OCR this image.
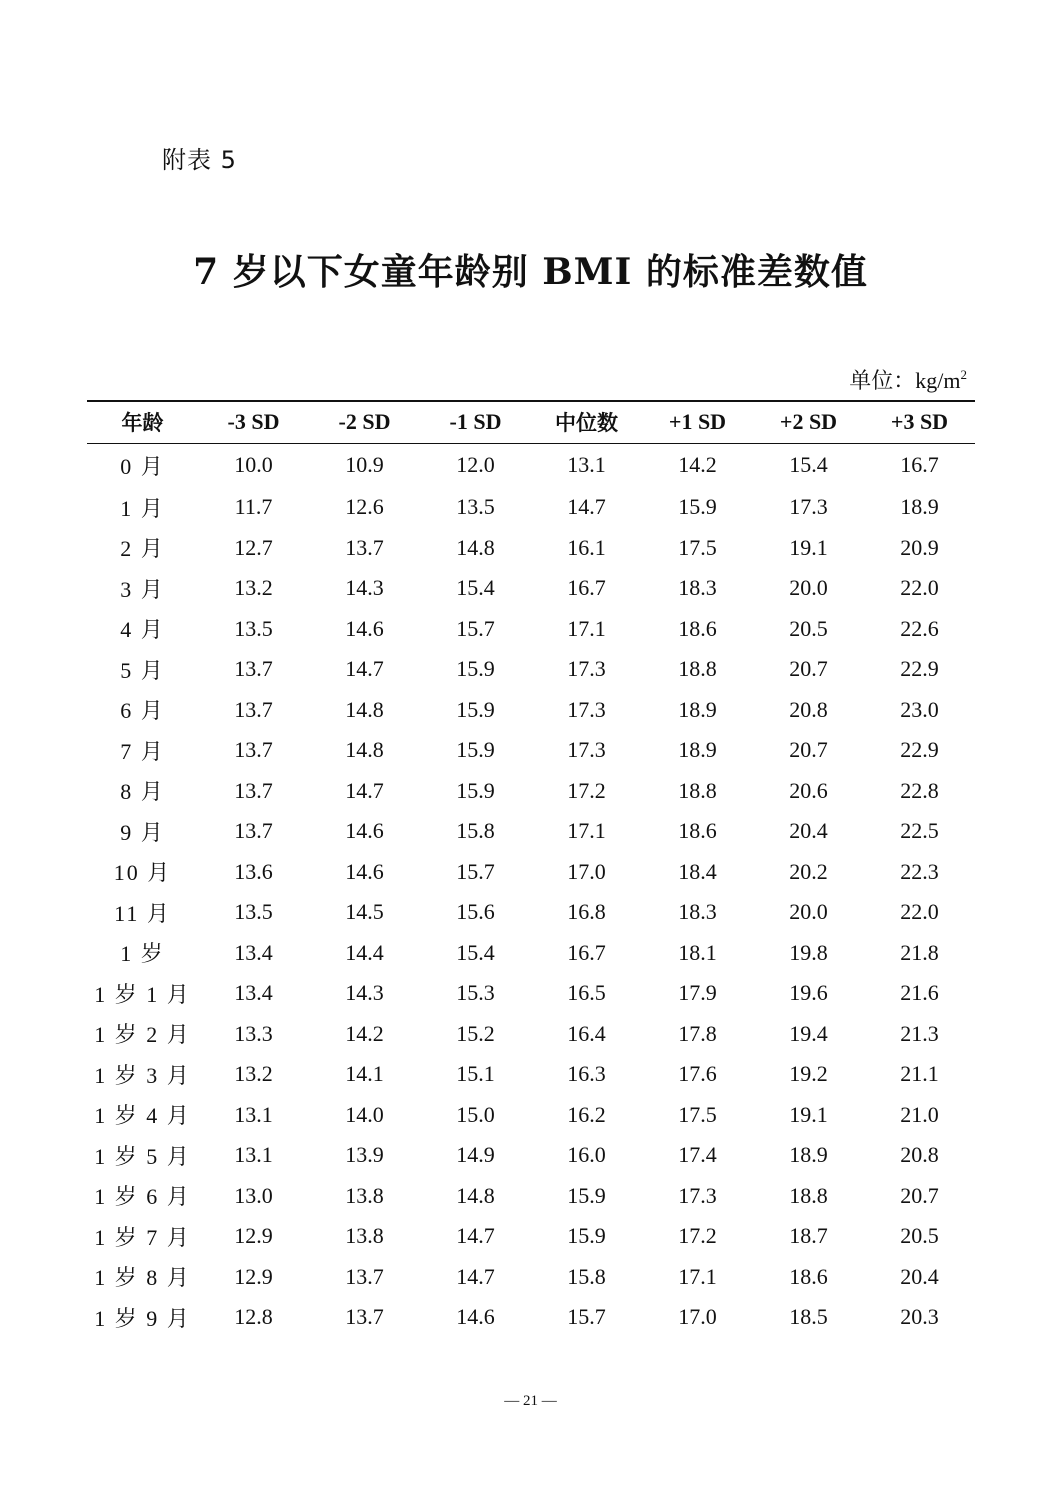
附表 5
7 岁以下女童年龄别 BMI 的标准差数值
单位：$kg/m^2$
年龄	-3 SD	-2 SD	-1 SD	中位数	+1 SD	+2 SD	+3 SD
0 月	10.0	10.9	12.0	13.1	14.2	15.4	16.7
1 月	11.7	12.6	13.5	14.7	15.9	17.3	18.9
2 月	12.7	13.7	14.8	16.1	17.5	19.1	20.9
3 月	13.2	14.3	15.4	16.7	18.3	20.0	22.0
4 月	13.5	14.6	15.7	17.1	18.6	20.5	22.6
5 月	13.7	14.7	15.9	17.3	18.8	20.7	22.9
6 月	13.7	14.8	15.9	17.3	18.9	20.8	23.0
7 月	13.7	14.8	15.9	17.3	18.9	20.7	22.9
8 月	13.7	14.7	15.9	17.2	18.8	20.6	22.8
9 月	13.7	14.6	15.8	17.1	18.6	20.4	22.5
10 月	13.6	14.6	15.7	17.0	18.4	20.2	22.3
11 月	13.5	14.5	15.6	16.8	18.3	20.0	22.0
1 岁	13.4	14.4	15.4	16.7	18.1	19.8	21.8
1 岁 1 月	13.4	14.3	15.3	16.5	17.9	19.6	21.6
1 岁 2 月	13.3	14.2	15.2	16.4	17.8	19.4	21.3
1 岁 3 月	13.2	14.1	15.1	16.3	17.6	19.2	21.1
1 岁 4 月	13.1	14.0	15.0	16.2	17.5	19.1	21.0
1 岁 5 月	13.1	13.9	14.9	16.0	17.4	18.9	20.8
1 岁 6 月	13.0	13.8	14.8	15.9	17.3	18.8	20.7
1 岁 7 月	12.9	13.8	14.7	15.9	17.2	18.7	20.5
1 岁 8 月	12.9	13.7	14.7	15.8	17.1	18.6	20.4
1 岁 9 月	12.8	13.7	14.6	15.7	17.0	18.5	20.3
— 21 —
